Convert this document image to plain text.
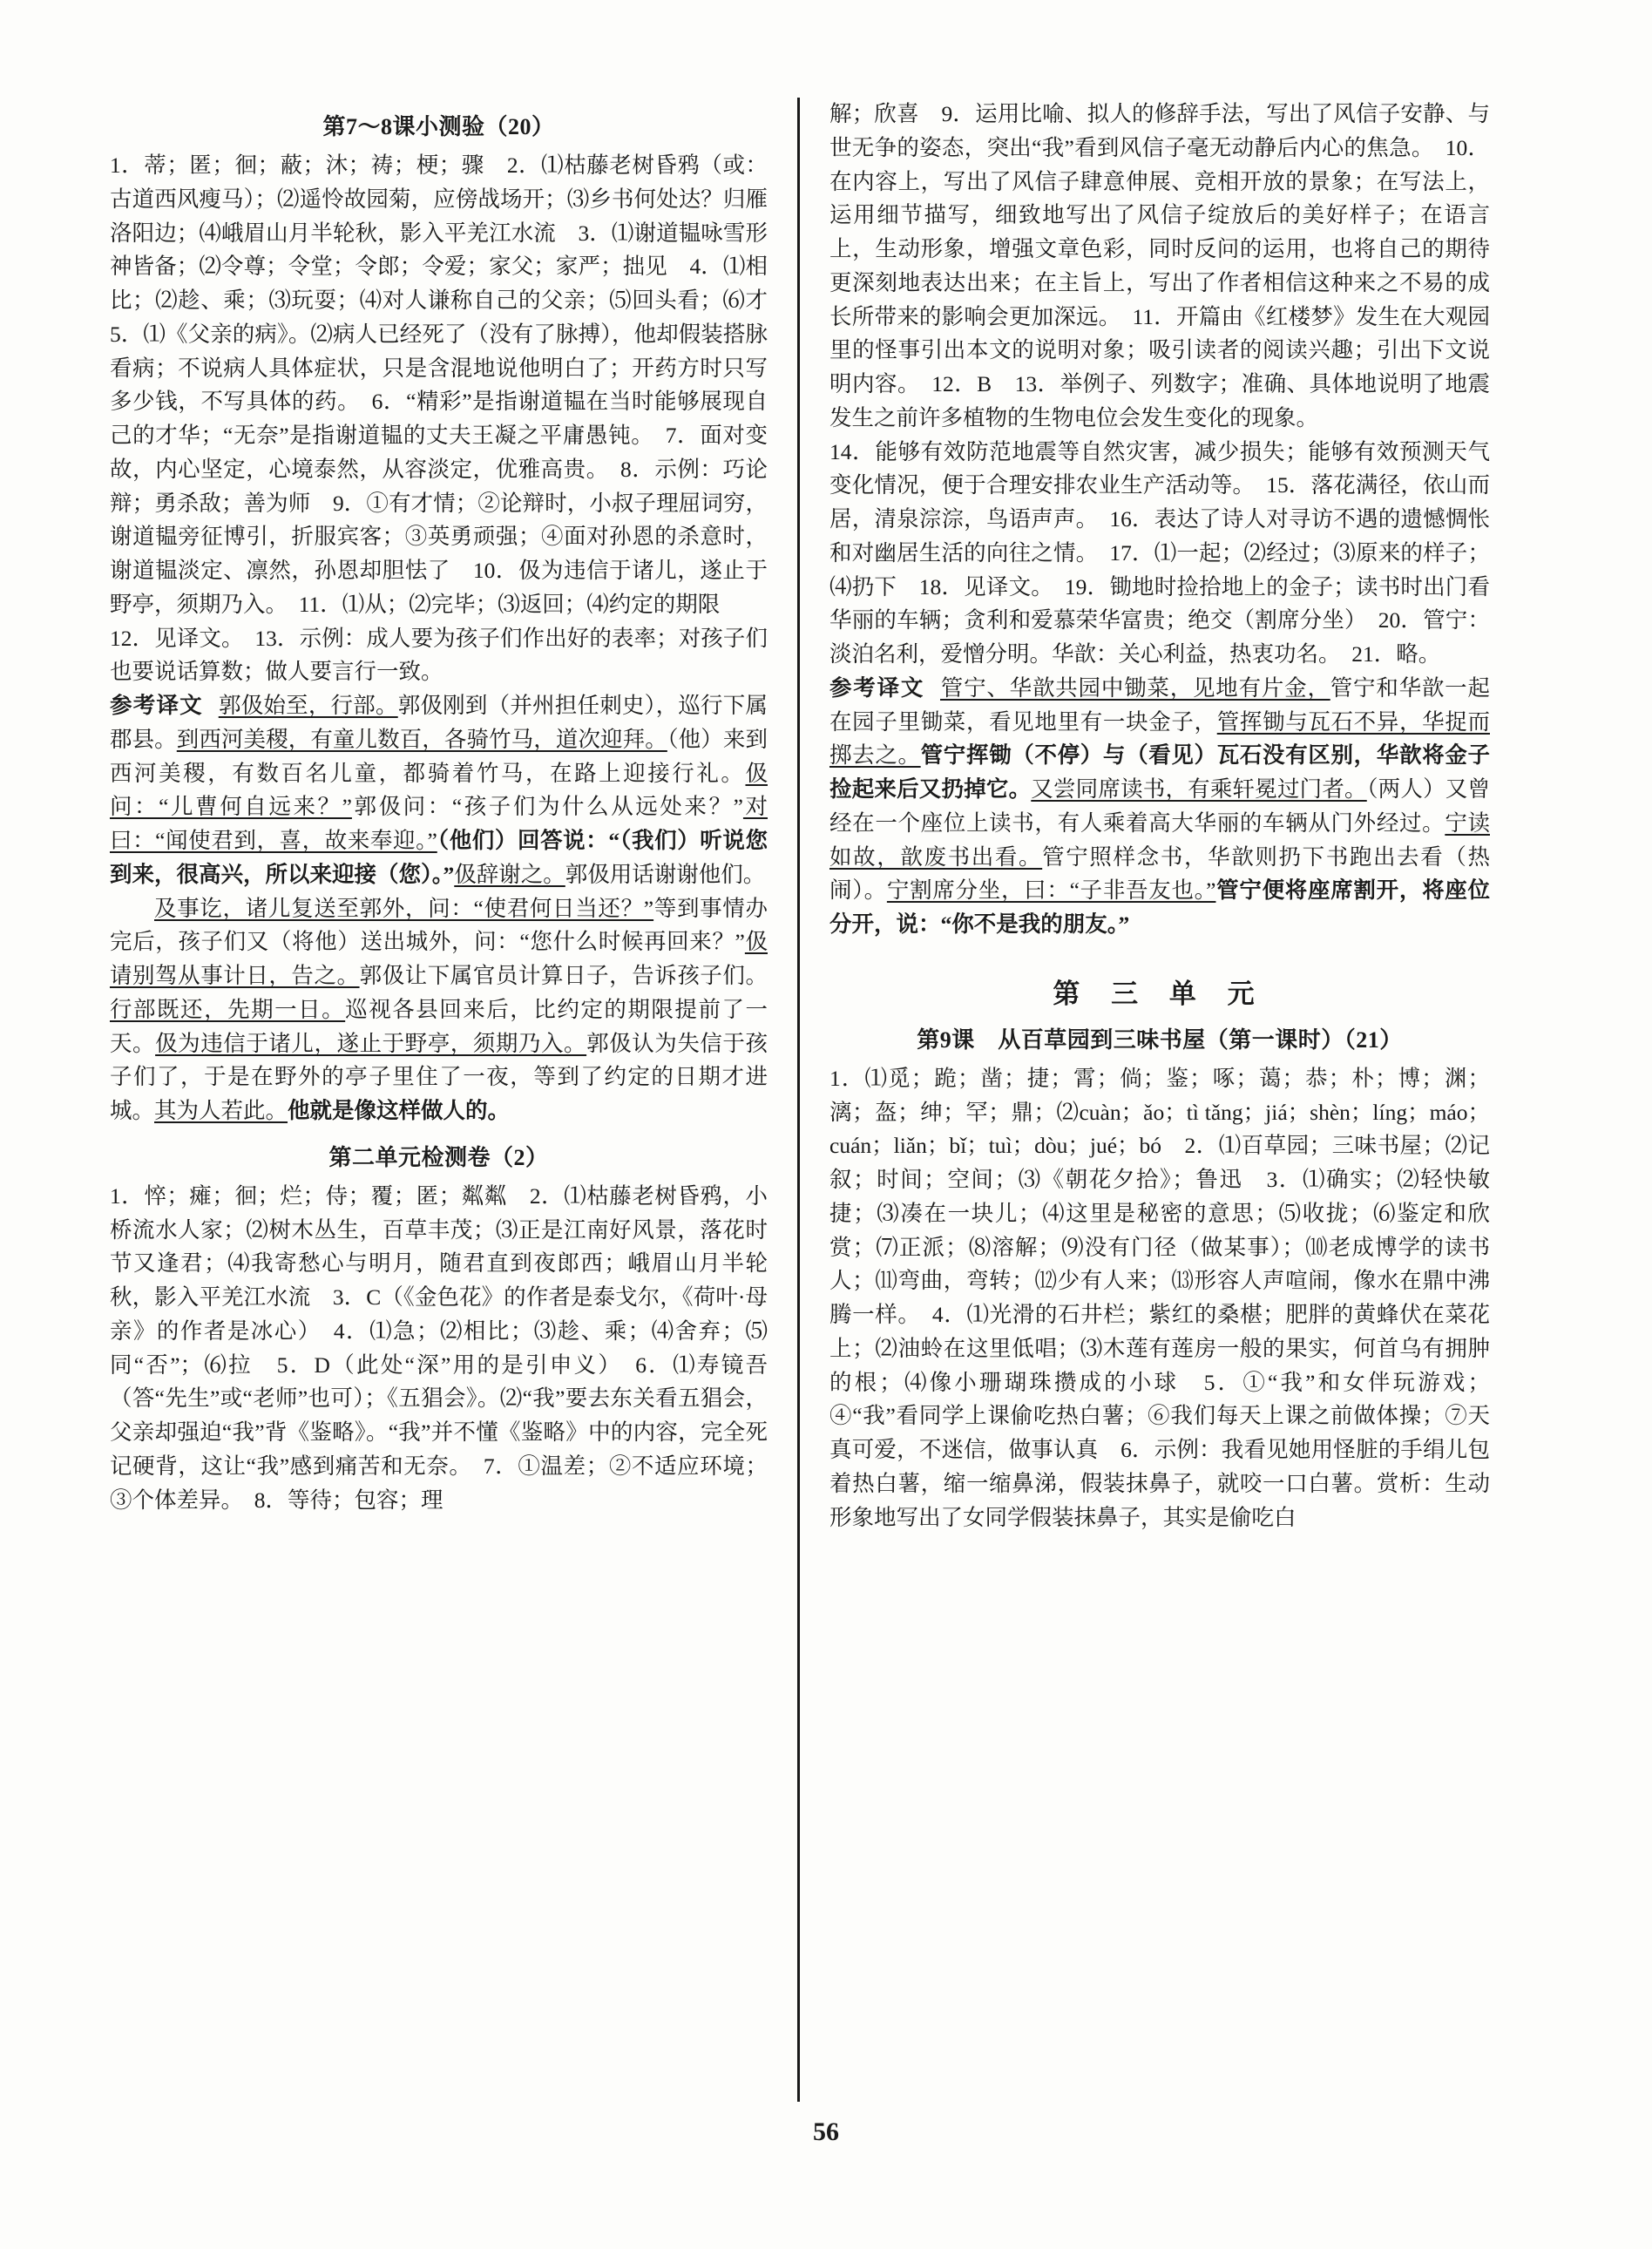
第7～8课小测验（20）

1．蒂；匿；徊；蔽；沐；祷；梗；骤　2．⑴枯藤老树昏鸦（或：古道西风瘦马）；⑵遥怜故园菊，应傍战场开；⑶乡书何处达？归雁洛阳边；⑷峨眉山月半轮秋，影入平羌江水流　3．⑴谢道韫咏雪形神皆备；⑵令尊；令堂；令郎；令爱；家父；家严；拙见　4．⑴相比；⑵趁、乘；⑶玩耍；⑷对人谦称自己的父亲；⑸回头看；⑹才　5．⑴《父亲的病》。⑵病人已经死了（没有了脉搏），他却假装搭脉看病；不说病人具体症状，只是含混地说他明白了；开药方时只写多少钱，不写具体的药。　6．“精彩”是指谢道韫在当时能够展现自己的才华；“无奈”是指谢道韫的丈夫王凝之平庸愚钝。　7．面对变故，内心坚定，心境泰然，从容淡定，优雅高贵。　8．示例：巧论辩；勇杀敌；善为师　9．①有才情；②论辩时，小叔子理屈词穷，谢道韫旁征博引，折服宾客；③英勇顽强；④面对孙恩的杀意时，谢道韫淡定、凛然，孙恩却胆怯了　10．伋为违信于诸儿，遂止于野亭，须期乃入。　11．⑴从；⑵完毕；⑶返回；⑷约定的期限

12．见译文。　13．示例：成人要为孩子们作出好的表率；对孩子们也要说话算数；做人要言行一致。

参考译文 郭伋始至，行部。郭伋刚到（并州担任刺史），巡行下属郡县。到西河美稷，有童儿数百，各骑竹马，道次迎拜。（他）来到西河美稷，有数百名儿童，都骑着竹马，在路上迎接行礼。伋问：“儿曹何自远来？”郭伋问：“孩子们为什么从远处来？”对曰：“闻使君到，喜，故来奉迎。”（他们）回答说：“（我们）听说您到来，很高兴，所以来迎接（您）。”伋辞谢之。郭伋用话谢谢他们。

及事讫，诸儿复送至郭外，问：“使君何日当还？”等到事情办完后，孩子们又（将他）送出城外，问：“您什么时候再回来？”伋请别驾从事计日，告之。郭伋让下属官员计算日子，告诉孩子们。行部既还，先期一日。巡视各县回来后，比约定的期限提前了一天。伋为违信于诸儿，遂止于野亭，须期乃入。郭伋认为失信于孩子们了，于是在野外的亭子里住了一夜，等到了约定的日期才进城。其为人若此。他就是像这样做人的。

第二单元检测卷（2）

1．悴；瘫；徊；烂；侍；覆；匿；粼粼　2．⑴枯藤老树昏鸦，小桥流水人家；⑵树木丛生，百草丰茂；⑶正是江南好风景，落花时节又逢君；⑷我寄愁心与明月，随君直到夜郎西；峨眉山月半轮秋，影入平羌江水流　3．C（《金色花》的作者是泰戈尔，《荷叶·母亲》的作者是冰心）　4．⑴急；⑵相比；⑶趁、乘；⑷舍弃；⑸同“否”；⑹拉　5．D（此处“深”用的是引申义）　6．⑴寿镜吾（答“先生”或“老师”也可）；《五猖会》。⑵“我”要去东关看五猖会，父亲却强迫“我”背《鉴略》。“我”并不懂《鉴略》中的内容，完全死记硬背，这让“我”感到痛苦和无奈。　7．①温差；②不适应环境；③个体差异。　8．等待；包容；理

解；欣喜　9．运用比喻、拟人的修辞手法，写出了风信子安静、与世无争的姿态，突出“我”看到风信子毫无动静后内心的焦急。　10．在内容上，写出了风信子肆意伸展、竞相开放的景象；在写法上，运用细节描写，细致地写出了风信子绽放后的美好样子；在语言上，生动形象，增强文章色彩，同时反问的运用，也将自己的期待更深刻地表达出来；在主旨上，写出了作者相信这种来之不易的成长所带来的影响会更加深远。　11．开篇由《红楼梦》发生在大观园里的怪事引出本文的说明对象；吸引读者的阅读兴趣；引出下文说明内容。　12．B　13．举例子、列数字；准确、具体地说明了地震发生之前许多植物的生物电位会发生变化的现象。

14．能够有效防范地震等自然灾害，减少损失；能够有效预测天气变化情况，便于合理安排农业生产活动等。　15．落花满径，依山而居，清泉淙淙，鸟语声声。　16．表达了诗人对寻访不遇的遗憾惆怅和对幽居生活的向往之情。　17．⑴一起；⑵经过；⑶原来的样子；⑷扔下　18．见译文。　19．锄地时捡拾地上的金子；读书时出门看华丽的车辆；贪利和爱慕荣华富贵；绝交（割席分坐）　20．管宁：淡泊名利，爱憎分明。华歆：关心利益，热衷功名。　21．略。

参考译文 管宁、华歆共园中锄菜，见地有片金，管宁和华歆一起在园子里锄菜，看见地里有一块金子，管挥锄与瓦石不异，华捉而掷去之。管宁挥锄（不停）与（看见）瓦石没有区别，华歆将金子捡起来后又扔掉它。又尝同席读书，有乘轩冕过门者。（两人）又曾经在一个座位上读书，有人乘着高大华丽的车辆从门外经过。宁读如故，歆废书出看。管宁照样念书，华歆则扔下书跑出去看（热闹）。宁割席分坐，曰：“子非吾友也。”管宁便将座席割开，将座位分开，说：“你不是我的朋友。”

第 三 单 元
第9课　从百草园到三味书屋（第一课时）（21）

1．⑴觅；跪；凿；捷；霄；倘；鉴；啄；蔼；恭；朴；博；渊；漓；盔；绅；罕；鼎；⑵cuàn；ǎo；tì tǎng；jiá；shèn；líng；máo；cuán；liǎn；bǐ；tuì；dòu；jué；bó　2．⑴百草园；三味书屋；⑵记叙；时间；空间；⑶《朝花夕拾》；鲁迅　3．⑴确实；⑵轻快敏捷；⑶凑在一块儿；⑷这里是秘密的意思；⑸收拢；⑹鉴定和欣赏；⑺正派；⑻溶解；⑼没有门径（做某事）；⑽老成博学的读书人；⑾弯曲，弯转；⑿少有人来；⒀形容人声喧闹，像水在鼎中沸腾一样。　4．⑴光滑的石井栏；紫红的桑椹；肥胖的黄蜂伏在菜花上；⑵油蛉在这里低唱；⑶木莲有莲房一般的果实，何首乌有拥肿的根；⑷像小珊瑚珠攒成的小球　5．①“我”和女伴玩游戏；④“我”看同学上课偷吃热白薯；⑥我们每天上课之前做体操；⑦天真可爱，不迷信，做事认真　6．示例：我看见她用怪脏的手绢儿包着热白薯，缩一缩鼻涕，假装抹鼻子，就咬一口白薯。赏析：生动形象地写出了女同学假装抹鼻子，其实是偷吃白

56
